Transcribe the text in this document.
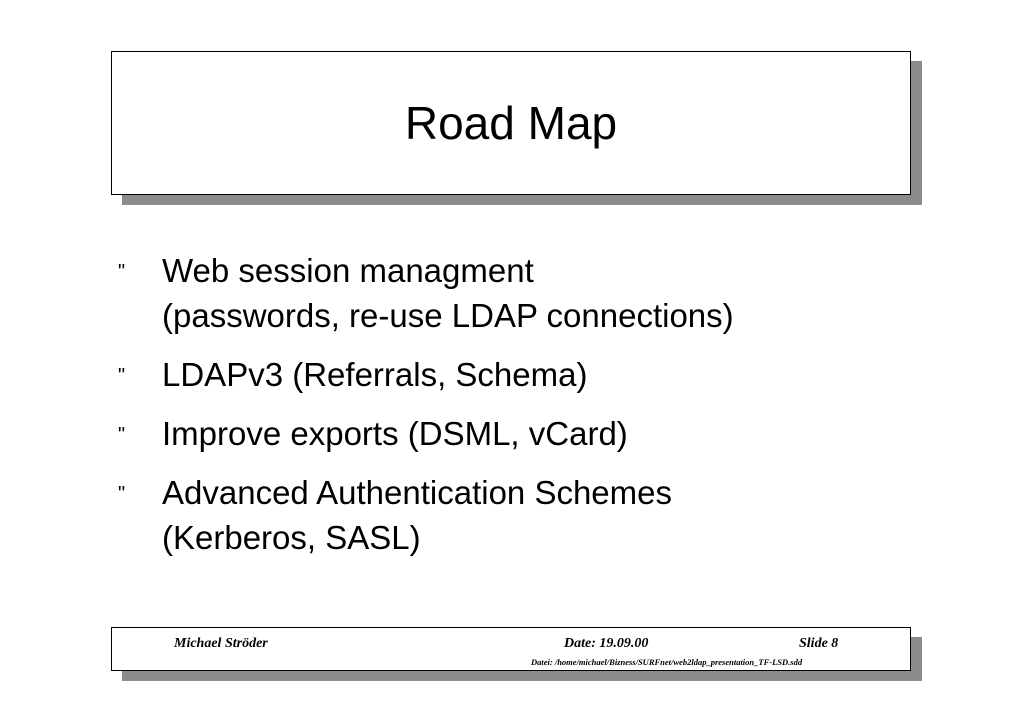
Road Map
" Web session managment
(passwords, re-use LDAP connections)
" LDAPv3 (Referrals, Schema)
" Improve exports (DSML, vCard)
" Advanced Authentication Schemes
(Kerberos, SASL)
Michael Ströder	Date: 19.09.00	Slide 8
Datei: /home/michael/Bizness/SURFnet/web2ldap_presentation_TF-LSD.sdd
